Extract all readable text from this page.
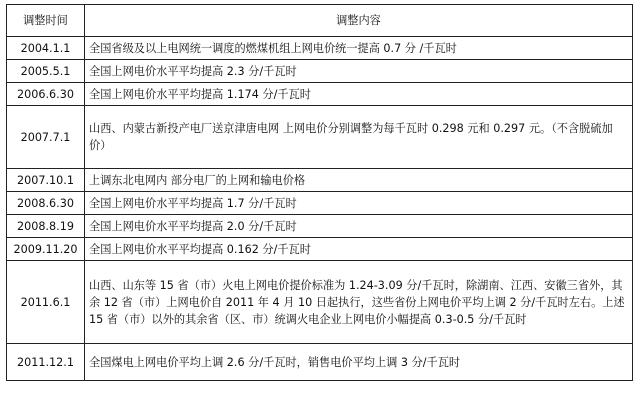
调整时间	调整内容
2004.1.1	全国省级及以上电网统一调度的燃煤机组上网电价统一提高 0.7 分 /千瓦时
2005.5.1	全国上网电价水平平均提高 2.3 分/千瓦时
2006.6.30	全国上网电价水平平均提高 1.174 分/千瓦时
2007.7.1	山西、内蒙古新投产电厂送京津唐电网 上网电价分别调整为每千瓦时 0.298 元和 0.297 元。（不含脱硫加价）
2007.10.1	上调东北电网内 部分电厂的上网和输电价格
2008.6.30	全国上网电价水平平均提高 1.7 分/千瓦时
2008.8.19	全国上网电价水平平均提高 2.0 分/千瓦时
2009.11.20	全国上网电价水平平均提高 0.162 分/千瓦时
2011.6.1	山西、山东等 15 省（市）火电上网电价提价标准为 1.24-3.09 分/千瓦时，除湖南、江西、安徽三省外，其余 12 省（市）上网电价自 2011 年 4 月 10 日起执行，这些省份上网电价平均上调 2 分/千瓦时左右。上述 15 省（市）以外的其余省（区、市）统调火电企业上网电价小幅提高 0.3-0.5 分/千瓦时
2011.12.1	全国煤电上网电价平均上调 2.6 分/千瓦时，销售电价平均上调 3 分/千瓦时
